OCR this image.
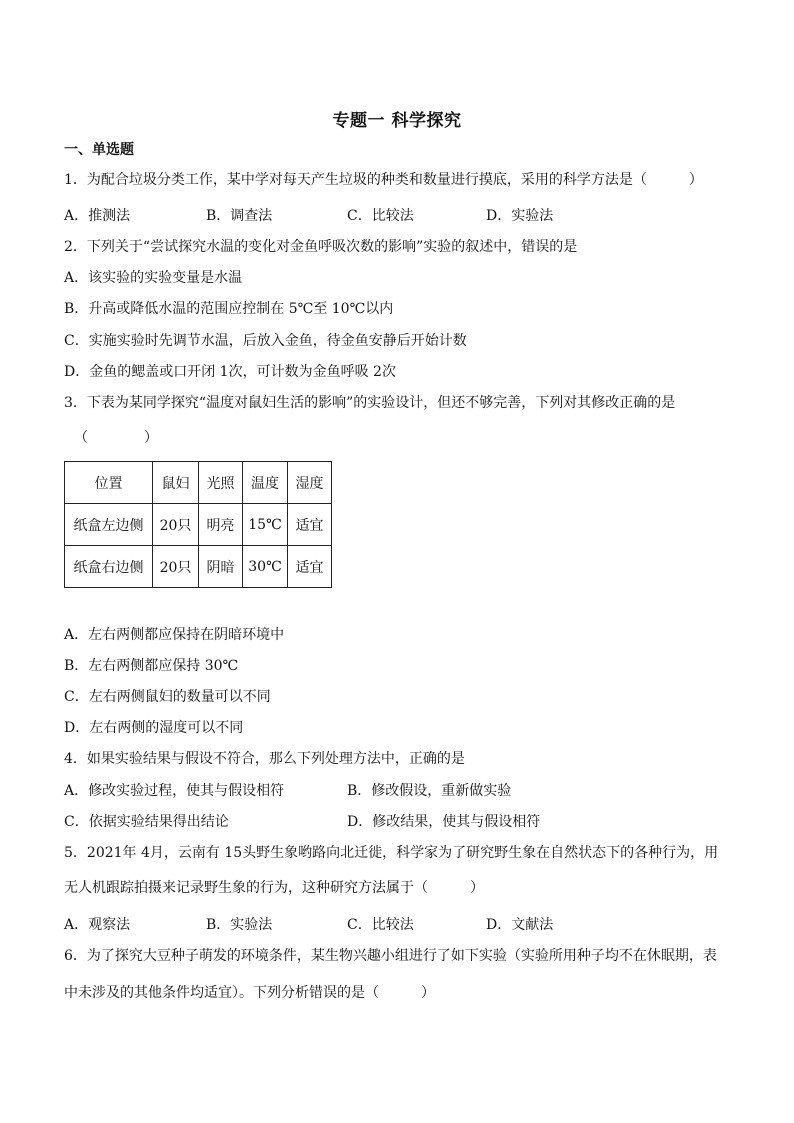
专题一 科学探究
一、单选题
1．为配合垃圾分类工作，某中学对每天产生垃圾的种类和数量进行摸底，采用的科学方法是（　　　）
A．推测法	B．调查法	C．比较法	D．实验法
2．下列关于“尝试探究水温的变化对金鱼呼吸次数的影响”实验的叙述中，错误的是
A．该实验的实验变量是水温
B．升高或降低水温的范围应控制在 5℃至 10℃以内
C．实施实验时先调节水温，后放入金鱼，待金鱼安静后开始计数
D．金鱼的鳃盖或口开闭 1次，可计数为金鱼呼吸 2次
3．下表为某同学探究“温度对鼠妇生活的影响”的实验设计，但还不够完善，下列对其修改正确的是
（　　　　）
位置	鼠妇	光照	温度	湿度
纸盒左边侧	20只	明亮	15℃	适宜
纸盒右边侧	20只	阴暗	30℃	适宜
A．左右两侧都应保持在阴暗环境中
B．左右两侧都应保持 30℃
C．左右两侧鼠妇的数量可以不同
D．左右两侧的湿度可以不同
4．如果实验结果与假设不符合，那么下列处理方法中，正确的是
A．修改实验过程，使其与假设相符	B．修改假设，重新做实验
C．依据实验结果得出结论	D．修改结果，使其与假设相符
5．2021年 4月，云南有 15头野生象哟路向北迁徙，科学家为了研究野生象在自然状态下的各种行为，用
无人机跟踪拍摄来记录野生象的行为，这种研究方法属于（　　　）
A．观察法	B．实验法	C．比较法	D．文献法
6．为了探究大豆种子萌发的环境条件，某生物兴趣小组进行了如下实验（实验所用种子均不在休眠期，表
中未涉及的其他条件均适宜）。下列分析错误的是（　　　）
